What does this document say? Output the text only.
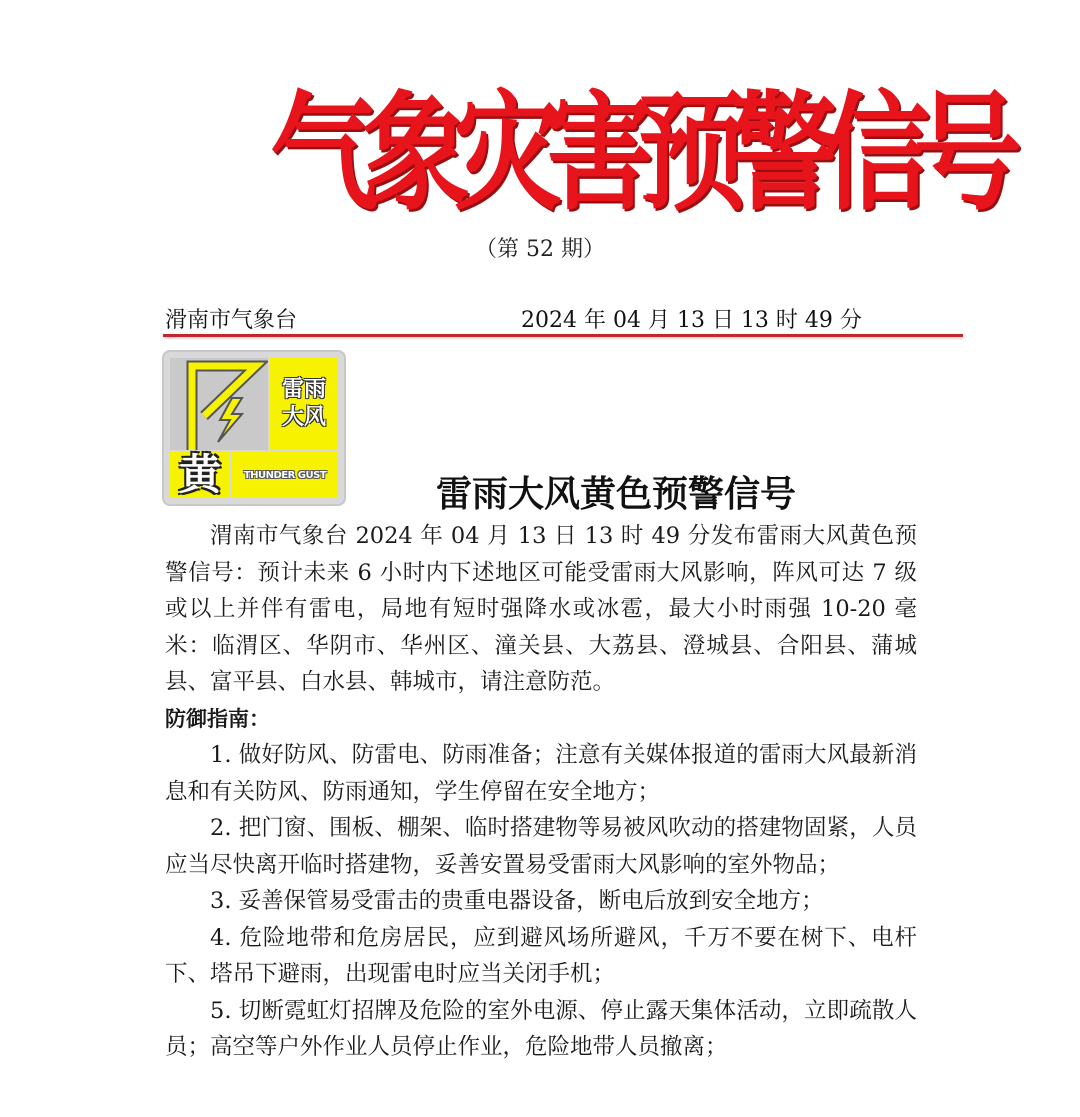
气象灾害预警信号
（第 52 期）
滑南市气象台	2024 年 04 月 13 日 13 时 49 分
雷雨
大风
黄	THUNDER GUST	雷雨大风黄色预警信号

渭南市气象台 2024 年 04 月 13 日 13 时 49 分发布雷雨大风黄色预警信号：预计未来 6 小时内下述地区可能受雷雨大风影响，阵风可达 7 级或以上并伴有雷电，局地有短时强降水或冰雹，最大小时雨强 10-20 毫米：临渭区、华阴市、华州区、潼关县、大荔县、澄城县、合阳县、蒲城县、富平县、白水县、韩城市，请注意防范。

防御指南：

1. 做好防风、防雷电、防雨准备；注意有关媒体报道的雷雨大风最新消息和有关防风、防雨通知，学生停留在安全地方；

2. 把门窗、围板、棚架、临时搭建物等易被风吹动的搭建物固紧，人员应当尽快离开临时搭建物，妥善安置易受雷雨大风影响的室外物品；

3. 妥善保管易受雷击的贵重电器设备，断电后放到安全地方；

4. 危险地带和危房居民，应到避风场所避风，千万不要在树下、电杆下、塔吊下避雨，出现雷电时应当关闭手机；

5. 切断霓虹灯招牌及危险的室外电源、停止露天集体活动，立即疏散人员；高空等户外作业人员停止作业，危险地带人员撤离；
